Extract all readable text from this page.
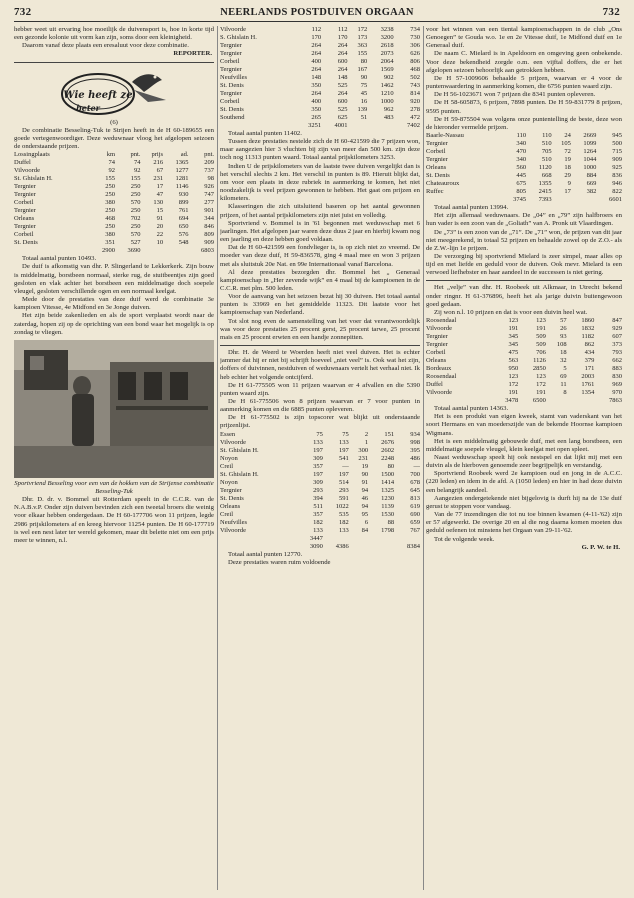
732	NEERLANDS POSTDUIVEN ORGAAN	732

hebber weet uit ervaring hoe moeilijk de duivensport is, hoe in korte tijd een gezonde kolonie uit vorm kan zijn, soms door een kleinigheid.

Daarom vanaf deze plaats een eresaluut voor deze combinatie.

REPORTER.
Wie heeft ze
beter
(6)

De combinatie Besseling-Tuk te Strijen heeft in de H 60-189655 een goede vertegenwoordiger. Deze weduwnaar vloog het afgelopen seizoen de onderstaande prijzen.

Lossingplaats	km	pnt.	prijs	ad.	pnt.
Duffel	74	74	216	1365	209
Vilvoorde	92	92	67	1277	737
St. Ghislain H.	155	155	231	1281	98
Tergnier	250	250	17	1146	926
Tergnier	250	250	47	930	747
Corbeil	380	570	130	899	277
Tergnier	250	250	15	761	901
Orleans	468	702	91	694	344
Tergnier	250	250	20	650	846
Corbeil	380	570	22	576	809
St. Denis	351	527	10	548	909
	2900	3690			6803

Totaal aantal punten 10493.

De duif is afkomstig van dhr. P. Slingerland te Lekkerkerk. Zijn bouw is middelmatig, borstbeen normaal, sterke rug, de stuitbeentjes zijn goed gesloten en vlak achter het borstbeen een middelmatige doch soepele vleugel, gesloten verschillende ogen en een normaal keelgat.

Mede door de prestaties van deze duif werd de combinatie 3e kampioen Vitesse, 4e Midfond en 3e Jonge duiven.

Het zijn beide zakenlieden en als de sport verplaatst wordt naar de zaterdag, hopen zij op de oprichting van een bond waar het mogelijk is op zondag te vliegen.

Sportvriend Besseling voor een van de hokken van de Strijense combinatie Besseling-Tuk

Dhr. D. dr. v. Bommel uit Rotterdam speelt in de C.C.R. van de N.A.B.v.P. Onder zijn duiven bevinden zich een tweetal broers die weinig voor elkaar hebben ondergedaan. De H 60-177706 won 11 prijzen, legde 2986 prijskilometers af en kreeg hiervoor 11254 punten. De H 60-177719 is wel een nest later ter wereld gekomen, maar dit belette niet om een prijs meer te winnen, n.l.

Vilvoorde	112	112	172	3238	734
S. Ghislain H.	170	170	173	3200	730
Tergnier	264	264	363	2618	306
Tergnier	264	264	155	2073	626
Corbeil	400	600	80	2064	806
Tergnier	264	264	167	1569	468
Neufvilles	148	148	90	902	502
St. Denis	350	525	75	1462	743
Tergnier	264	264	45	1210	814
Corbeil	400	600	16	1000	920
St. Denis	350	525	139	962	278
Southend	265	625	51	483	472
	3251	4001			7402

Totaal aantal punten 11402.

Tussen deze prestaties nestelde zich de H 60-421599 die 7 prijzen won, maar aangezien hier 3 vluchten bij zijn van meer dan 500 km. zijn deze toch nog 11313 punten waard. Totaal aantal prijskilometers 3253.

Indien U de prijskilometers van de laatste twee duiven vergelijkt dan is het verschil slechts 2 km. Het verschil in punten is 89. Hieruit blijkt dat, om voor een plaats in deze rubriek in aanmerking te komen, het niet noodzakelijk is veel prijzen gewonnen te hebben. Het gaat om prijzen en kilometers.

Klasseringen die zich uitsluitend baseren op het aantal gewonnen prijzen, of het aantal prijskilometers zijn niet juist en volledig.

Sportvriend v. Bommel is in '61 begonnen met weduwschap met 6 jaarlingen. Het afgelopen jaar waren deze duus 2 jaar en hierbij kwam nog een jaarling en deze hebben goed voldaan.

Dat de H 60-421599 een fondvlieger is, is op zich niet zo vreemd. De moeder van deze duif, H 59-836578, ging 4 maal mee en won 3 prijzen met als sluitstuk 20e Nat. en 99e Internationaal vanaf Barcelona.

Al deze prestaties bezorgden dhr. Bommel het „ Generaal kampioenschap in „Her zevende wijk” en 4 maal bij de kampioenen in de C.C.R. met plm. 500 leden.

Voor de aanvang van het seizoen bezat hij 30 duiven. Het totaal aantal punten is 33969 en het gemiddelde 11323. Dit laatste voor het kampioenschap van Nederland.

Tot slot nog even de samenstelling van het voer dat verantwoordelijk was voor deze prestaties 25 procent gerst, 25 procent tarwe, 25 procent mais en 25 procent erwten en een handje zonnepitten.

Dhr. H. de Weerd te Woerden heeft niet veel duiven. Het is echter jammer dat hij er niet bij schrijft hoeveel „niet veel” is. Ook wat het zijn, doffers of duivinnen, nestduiven of weduwnaars vertelt het verhaal niet. Ik heb echter het volgende ontcijferd.

De H 61-775505 won 11 prijzen waarvan er 4 afvallen en die 5390 punten waard zijn.

De H 61-775506 won 8 prijzen waarvan er 7 voor punten in aanmerking komen en die 6885 punten opleveren.

De H 61-775502 is zijn topscorer wat blijkt uit onderstaande prijzenlijst.

Essen	75	75	2	151	934
Vilvoorde	133	133	1	2676	998
St. Ghislain H.	197	197	300	2602	395
Noyon	309	541	231	2248	486
Creil	357	—	19	80	—
St. Ghislain H.	197	197	90	1500	700
Noyon	309	514	91	1414	678
Tergnier	293	293	94	1325	645
St. Denis	394	591	46	1230	813
Orleans	511	1022	94	1139	619
Creil	357	535	95	1530	690
Neufvilles	182	182	6	88	659
Vilvoorde	133	133	84	1798	767
	3447				
	3090	4386			8384

Totaal aantal punten 12770.

Deze prestaties waren ruim voldoende

voor het winnen van een tiental kampioenschappen in de club „Ons Genoegen” te Gouda w.o. 1e en 2e Vitesse duif, 1e Midfond duif en 1e Generaal duif.

De naam C. Mielard is in Apeldoorn en omgeving geen onbekende. Voor deze bekendheid zorgde o.m. een vijftal doffers, die er het afgelopen seizoen behoorlijk aan getrokken hebben.

De H 57-1009606 behaalde 5 prijzen, waarvan er 4 voor de puntenwaardering in aanmerking komen, die 6756 punten waard zijn.

De H 56-1023671 won 7 prijzen die 8341 punten opleveren.

De H 58-605873, 6 prijzen, 7898 punten. De H 59-831779 8 prijzen, 9595 punten.

De H 59-875504 was volgens onze puntentelling de beste, deze won de hieronder vermelde prijzen.

Baarle-Nassau	110	110	24	2669	945
Tergnier	340	510	105	1099	500
Corbeil	470	705	72	1264	715
Tergnier	340	510	19	1044	909
Orleans	560	1120	18	1000	925
St. Denis	445	668	29	884	836
Chateauroux	675	1355	9	669	946
Ruffec	805	2415	17	382	822
	3745	7393			6601

Totaal aantal punten 13994.

Het zijn allemaal weduwnaars. De „04” en „79” zijn halfbroers en hun vader is een zoon van de „Goliath” van A. Pronk uit Vlaardingen.

De „73” is een zoon van de „71”. De „71” won, de prijzen van dit jaar niet meegerekend, in totaal 52 prijzen en behaalde zowel op de Z.O.- als de Z.W.-lijn 1e prijzen.

De verzorging bij sportvriend Mielard is zeer simpel, maar alles op tijd en met liefde en geduld voor de duiven. Ook mevr. Mielard is een verwoed liefhebster en haar aandeel in de successen is niet gering.

Het „velje” van dhr. H. Roobeek uit Alkmaar, in Utrecht bekend onder ringnr. H 61-376896, heeft het als jarige duivin buitengewoon goed gedaan.

Zij won n.l. 10 prijzen en dat is voor een duivin heel wat.

Roosendaal	123	123	57	1860	847
Vilvoorde	191	191	26	1832	929
Tergnier	345	509	93	1182	607
Tergnier	345	509	108	862	373
Corbeil	475	706	18	434	793
Orleans	563	1126	32	379	662
Bordeaux	950	2850	5	171	883
Roosendaal	123	123	69	2003	830
Duffel	172	172	11	1761	969
Vilvoorde	191	191	8	1354	970
	3478	6500			7863

Totaal aantal punten 14363.

Het is een produkt van eigen kweek, stamt van vaderskant van het soort Hermans en van moederszijde van de bekende Hoornse kampioen Wigmans.

Het is een middelmatig gebouwde duif, met een lang borstbeen, een middelmatige soepele vleugel, klein keelgat met open spleet.

Naast weduwschap speelt hij ook nestspel en dat lijkt mij met een duivin als de hierboven genoemde zeer begrijpelijk en verstandig.

Sportvriend Roobeek werd 2e kampioen oud en jong in de A.C.C. (220 leden) en idem in de afd. A (1050 leden) en hier in had deze duivin een belangrijk aandeel.

Aangezien ondergetekende niet bijgelovig is durft hij na de 13e duif gerust te stoppen voor vandaag.

Van de 77 inzendingen die tot nu toe binnen kwamen (4-11-'62) zijn er 57 afgewerkt. De overige 20 en al die nog daarna komen moeten dus geduld oefenen tot minstens het Orgaan van 29-11-'62.

Tot de volgende week.

G. P. W. te H.
